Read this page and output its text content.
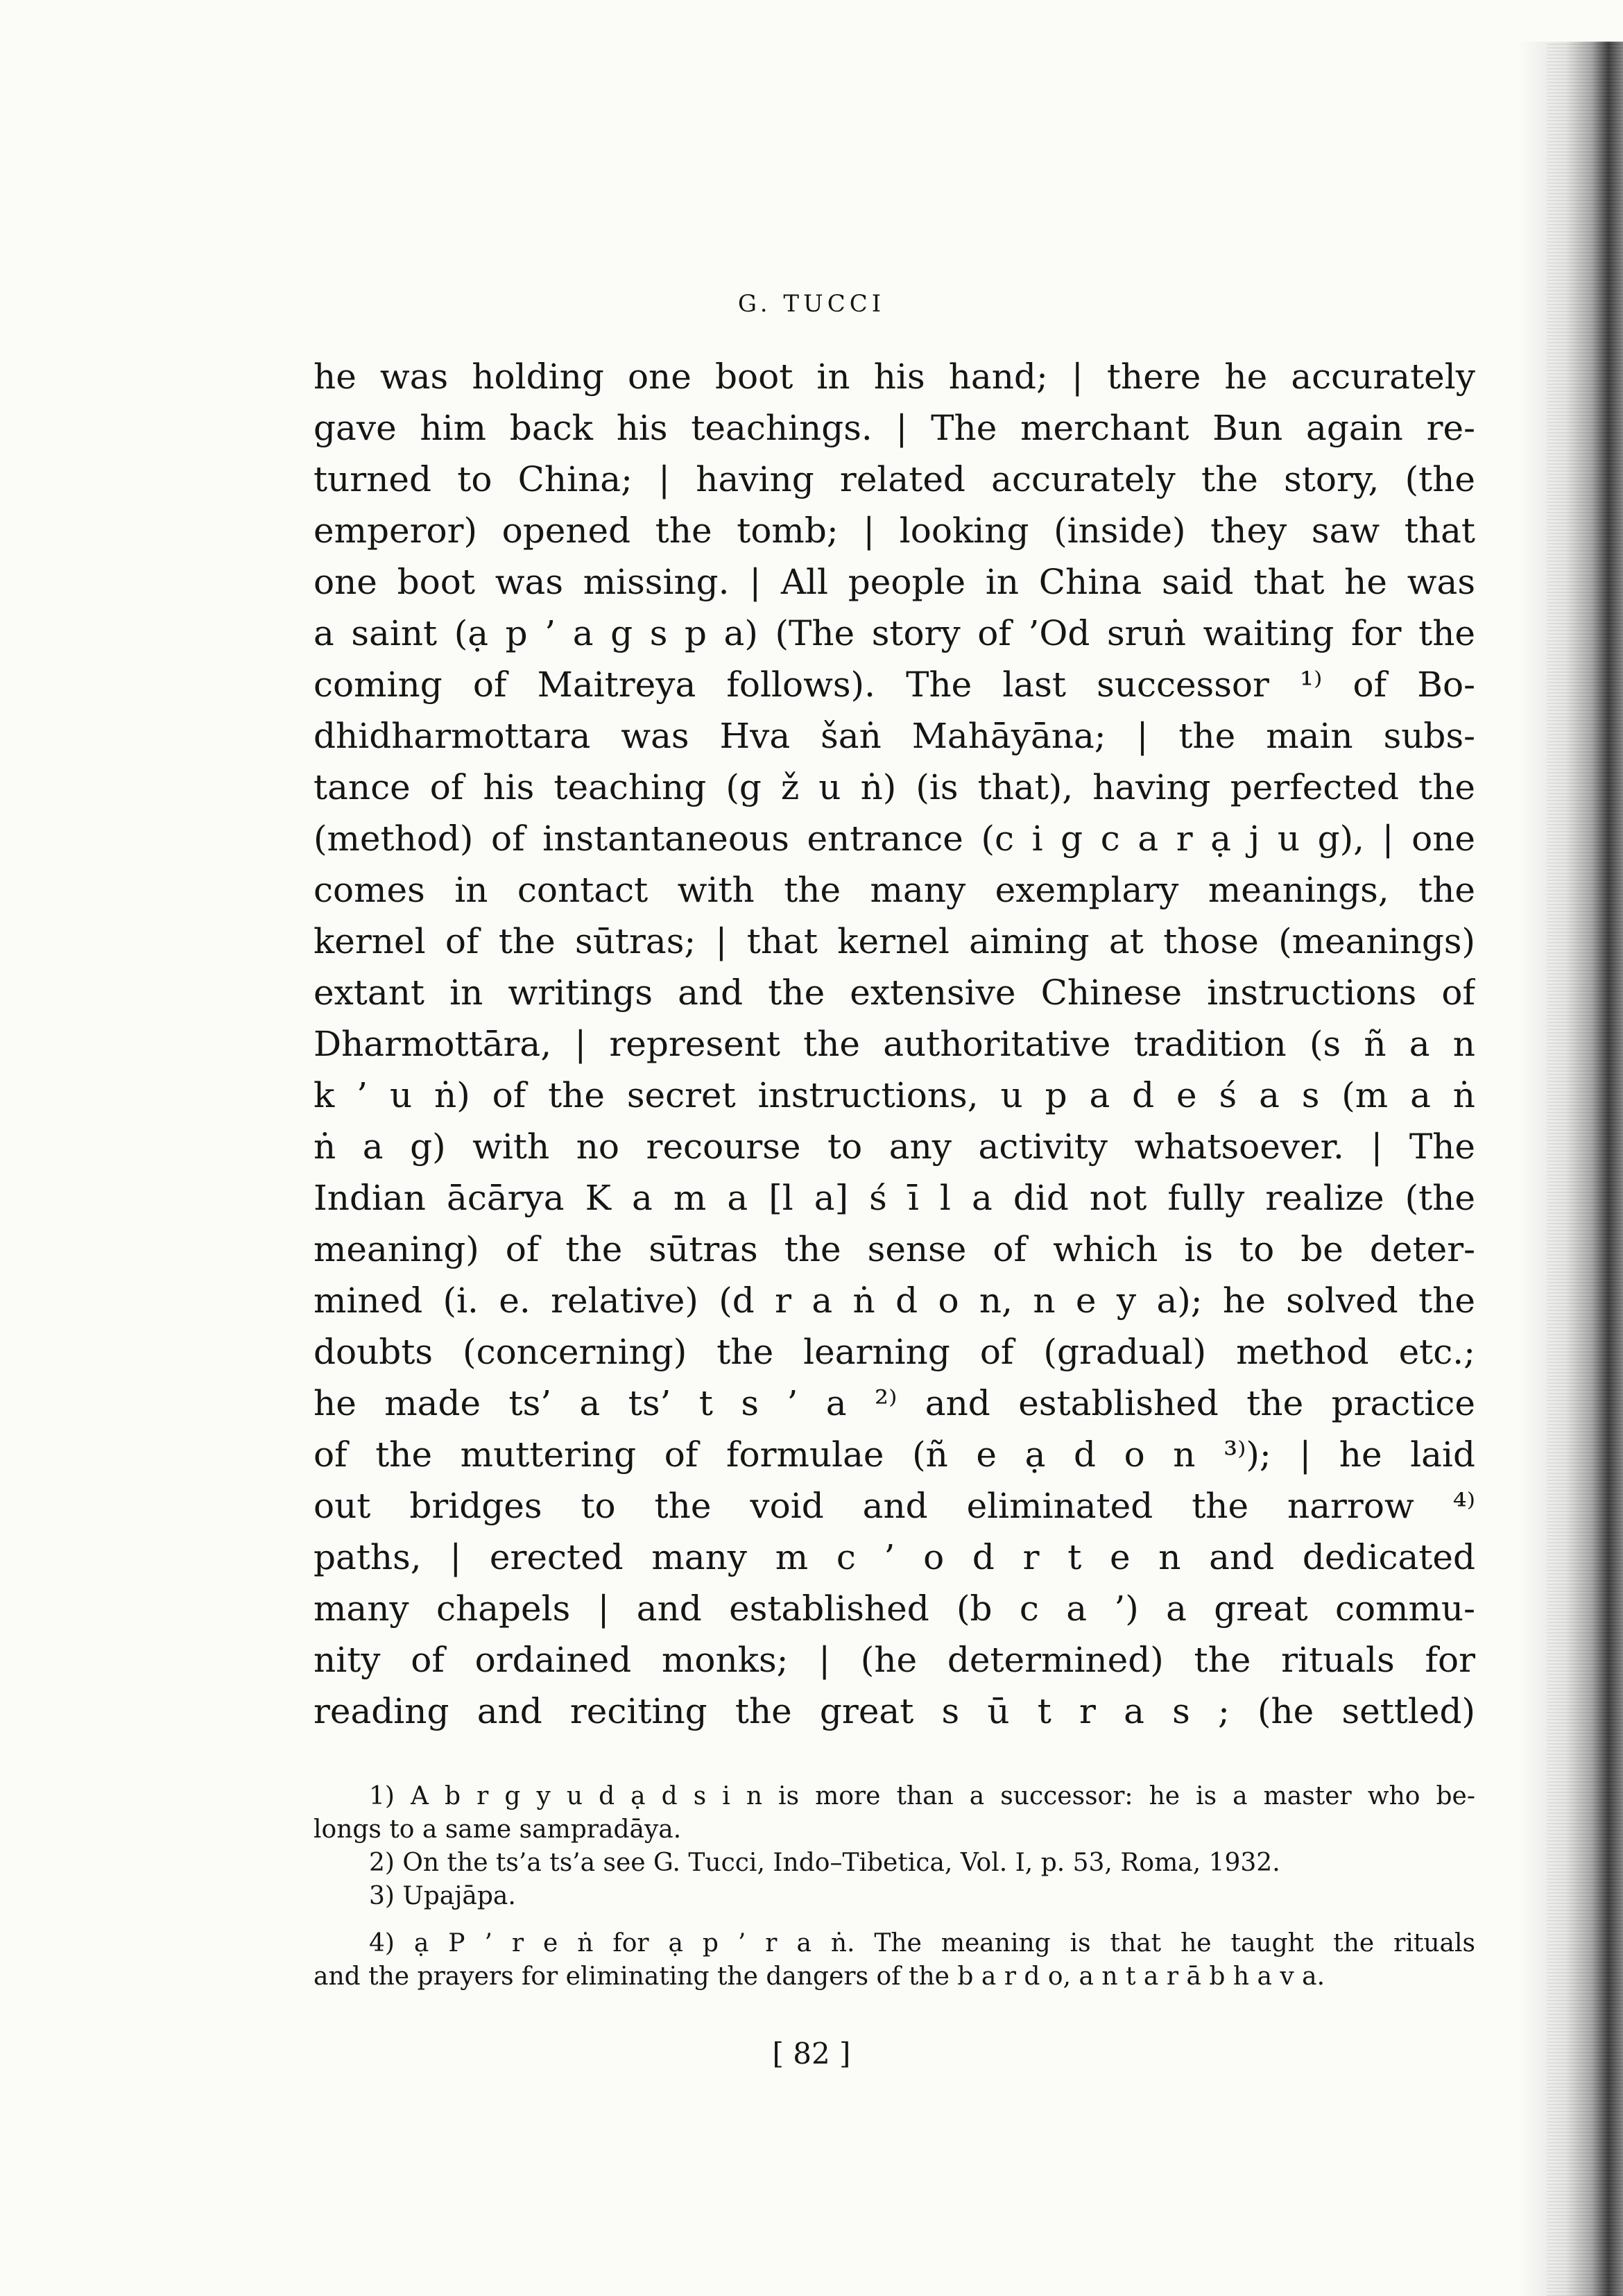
G. TUCCI
he was holding one boot in his hand; | there he accurately
gave him back his teachings. | The merchant Bun again re-
turned to China; | having related accurately the story, (the
emperor) opened the tomb; | looking (inside) they saw that
one boot was missing. | All people in China said that he was
a saint (ạ p ’ a g s p a) (The story of ’Od sruṅ waiting for the
coming of Maitreya follows). The last successor ¹⁾ of Bo-
dhidharmottara was Hva šaṅ Mahāyāna; | the main subs-
tance of his teaching (g ž u ṅ) (is that), having perfected the
(method) of instantaneous entrance (c i g c a r ạ j u g), | one
comes in contact with the many exemplary meanings, the
kernel of the sūtras; | that kernel aiming at those (meanings)
extant in writings and the extensive Chinese instructions of
Dharmottāra, | represent the authoritative tradition (s ñ a n
k ’ u ṅ) of the secret instructions, u p a d e ś a s (m a ṅ
ṅ a g) with no recourse to any activity whatsoever. | The
Indian ācārya K a m a [l a] ś ī l a did not fully realize (the
meaning) of the sūtras the sense of which is to be deter-
mined (i. e. relative) (d r a ṅ d o n, n e y a); he solved the
doubts (concerning) the learning of (gradual) method etc.;
he made ts’ a ts’ t s ’ a ²⁾ and established the practice
of the muttering of formulae (ñ e ạ d o n ³⁾); | he laid
out bridges to the void and eliminated the narrow ⁴⁾
paths, | erected many m c ’ o d r t e n and dedicated
many chapels | and established (b c a ’) a great commu-
nity of ordained monks; | (he determined) the rituals for
reading and reciting the great s ū t r a s ; (he settled)
1) A b r g y u d ạ d s i n is more than a successor: he is a master who be-
longs to a same sampradāya.
2) On the ts’a ts’a see G. Tucci, Indo–Tibetica, Vol. I, p. 53, Roma, 1932.
3) Upajāpa.
4) ạ P ’ r e ṅ for ạ p ’ r a ṅ. The meaning is that he taught the rituals
and the prayers for eliminating the dangers of the b a r d o, a n t a r ā b h a v a.
[ 82 ]
